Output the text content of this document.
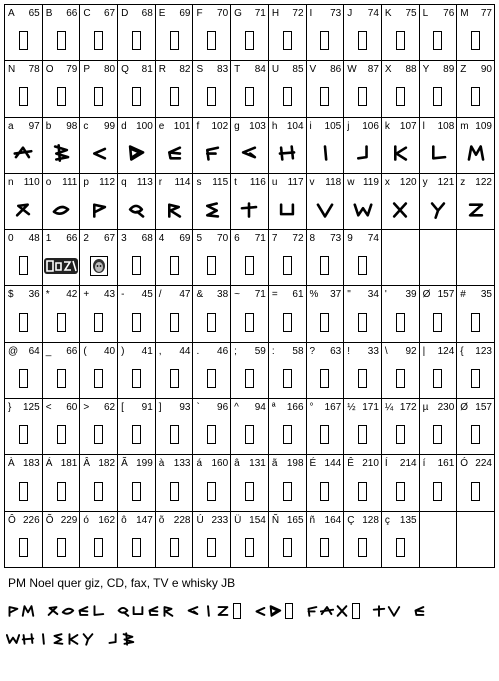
A 65 B 66 C 67 D 68 E 69 F 70 G 71 H 72 I 73 J 74 K 75 L 76 M 77
N 78 O 79 P 80 Q 81 R 82 S 83 T 84 U 85 V 86 W 87 X 88 Y 89 Z 90
a 97 b 98 c 99 d 100 e 101 f 102 g 103 h 104 i 105 j 106 k 107 l 108 m 109
n 110 o 111 p 112 q 113 r 114 s 115 t 116 u 117 v 118 w 119 x 120 y 121 z 122
0 48 1 66 2 67 3 68 4 69 5 70 6 71 7 72 8 73 9 74
$ 36 * 42 + 43 - 45 / 47 & 38 ~ 71 = 61 % 37 " 34 ' 39 Ø 157 # 35
@ 64 _ 66 ( 40 ) 41 , 44 . 46 ; 59 : 58 ? 63 ! 33 \ 92 | 124 { 123
} 125 < 60 > 62 [ 91 ] 93 ` 96 ^ 94 ª 166 ° 167 ½ 171 ¼ 172 µ 230 Ø 157
À 183 Á 181 Â 182 Ã 199 à 133 á 160 â 131 ã 198 É 144 Ê 210 Í 214 í 161 Ó 224
Ô 226 Õ 229 ó 162 ô 147 õ 228 Ú 233 Ü 154 Ñ 165 ñ 164 Ç 128 ç 135
PM Noel quer giz, CD, fax, TV e whisky JB
